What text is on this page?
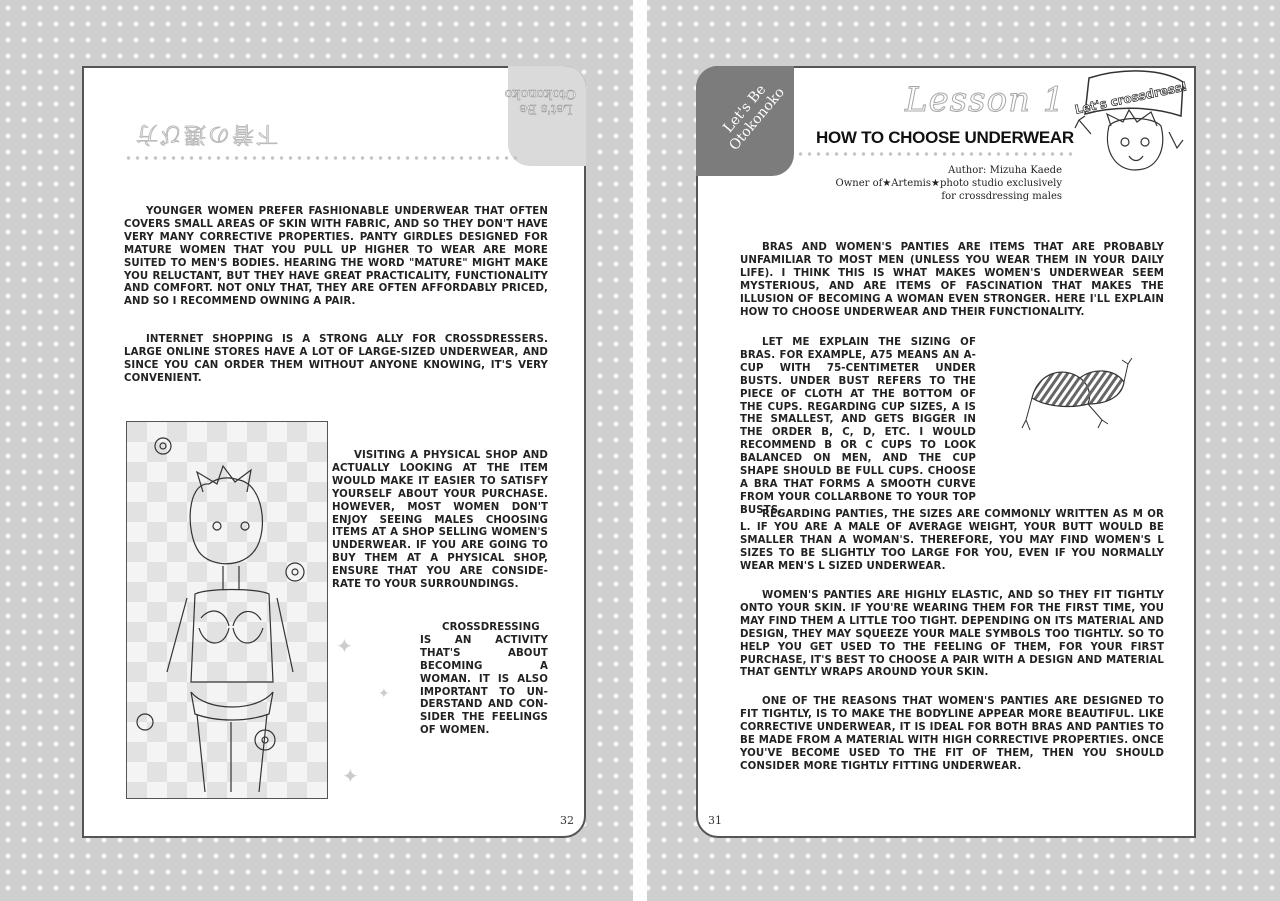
Let's Be Otokonoko
下着の選び方

YOUNGER WOMEN PREFER FASHIONABLE UNDERWEAR THAT OFTEN COVERS SMALL AREAS OF SKIN WITH FABRIC, AND SO THEY DON'T HAVE VERY MANY CORRECTIVE PROPERTIES. PANTY GIRDLES DESIGNED FOR MATURE WOMEN THAT YOU PULL UP HIGHER TO WEAR ARE MORE SUITED TO MEN'S BODIES. HEARING THE WORD "MATURE" MIGHT MAKE YOU RELUCTANT, BUT THEY HAVE GREAT PRACTICALITY, FUNCTIONALITY AND COMFORT. NOT ONLY THAT, THEY ARE OFTEN AFFORDABLY PRICED, AND SO I RECOMMEND OWNING A PAIR.

INTERNET SHOPPING IS A STRONG ALLY FOR CROSSDRESSERS. LARGE ONLINE STORES HAVE A LOT OF LARGE-SIZED UNDERWEAR, AND SINCE YOU CAN ORDER THEM WITHOUT ANYONE KNOWING, IT'S VERY CONVENIENT.

VISITING A PHYSICAL SHOP AND ACTUALLY LOOKING AT THE ITEM WOULD MAKE IT EASIER TO SATISFY YOURSELF ABOUT YOUR PURCHASE. HOWEVER, MOST WOMEN DON'T ENJOY SEEING MALES CHOOSING ITEMS AT A SHOP SELLING WOMEN'S UNDERWEAR. IF YOU ARE GOING TO BUY THEM AT A PHYSICAL SHOP, ENSURE THAT YOU ARE CONSIDE-RATE TO YOUR SURROUNDINGS.

CROSSDRESSING IS AN ACTIVITY THAT'S ABOUT BECOMING A WOMAN. IT IS ALSO IMPORTANT TO UN-DERSTAND AND CON-SIDER THE FEELINGS OF WOMEN.

✦
✦
✦
32
Let's Be Otokonoko	Lesson 1
HOW TO CHOOSE UNDERWEAR
Author: Mizuha Kaede
Owner of★Artemis★photo studio exclusively
for crossdressing males
Let's crossdress!

BRAS AND WOMEN'S PANTIES ARE ITEMS THAT ARE PROBABLY UNFAMILIAR TO MOST MEN (UNLESS YOU WEAR THEM IN YOUR DAILY LIFE). I THINK THIS IS WHAT MAKES WOMEN'S UNDERWEAR SEEM MYSTERIOUS, AND ARE ITEMS OF FASCINATION THAT MAKES THE ILLUSION OF BECOMING A WOMAN EVEN STRONGER. HERE I'LL EXPLAIN HOW TO CHOOSE UNDERWEAR AND THEIR FUNCTIONALITY.

LET ME EXPLAIN THE SIZING OF BRAS. FOR EXAMPLE, A75 MEANS AN A-CUP WITH 75-CENTIMETER UNDER BUSTS. UNDER BUST REFERS TO THE PIECE OF CLOTH AT THE BOTTOM OF THE CUPS. REGARDING CUP SIZES, A IS THE SMALLEST, AND GETS BIGGER IN THE ORDER B, C, D, ETC. I WOULD RECOMMEND B OR C CUPS TO LOOK BALANCED ON MEN, AND THE CUP SHAPE SHOULD BE FULL CUPS. CHOOSE A BRA THAT FORMS A SMOOTH CURVE FROM YOUR COLLARBONE TO YOUR TOP BUSTS.

REGARDING PANTIES, THE SIZES ARE COMMONLY WRITTEN AS M OR L. IF YOU ARE A MALE OF AVERAGE WEIGHT, YOUR BUTT WOULD BE SMALLER THAN A WOMAN'S. THEREFORE, YOU MAY FIND WOMEN'S L SIZES TO BE SLIGHTLY TOO LARGE FOR YOU, EVEN IF YOU NORMALLY WEAR MEN'S L SIZED UNDERWEAR.

WOMEN'S PANTIES ARE HIGHLY ELASTIC, AND SO THEY FIT TIGHTLY ONTO YOUR SKIN. IF YOU'RE WEARING THEM FOR THE FIRST TIME, YOU MAY FIND THEM A LITTLE TOO TIGHT. DEPENDING ON ITS MATERIAL AND DESIGN, THEY MAY SQUEEZE YOUR MALE SYMBOLS TOO TIGHTLY. SO TO HELP YOU GET USED TO THE FEELING OF THEM, FOR YOUR FIRST PURCHASE, IT'S BEST TO CHOOSE A PAIR WITH A DESIGN AND MATERIAL THAT GENTLY WRAPS AROUND YOUR SKIN.

ONE OF THE REASONS THAT WOMEN'S PANTIES ARE DESIGNED TO FIT TIGHTLY, IS TO MAKE THE BODYLINE APPEAR MORE BEAUTIFUL. LIKE CORRECTIVE UNDERWEAR, IT IS IDEAL FOR BOTH BRAS AND PANTIES TO BE MADE FROM A MATERIAL WITH HIGH CORRECTIVE PROPERTIES. ONCE YOU'VE BECOME USED TO THE FIT OF THEM, THEN YOU SHOULD CONSIDER MORE TIGHTLY FITTING UNDERWEAR.

31
